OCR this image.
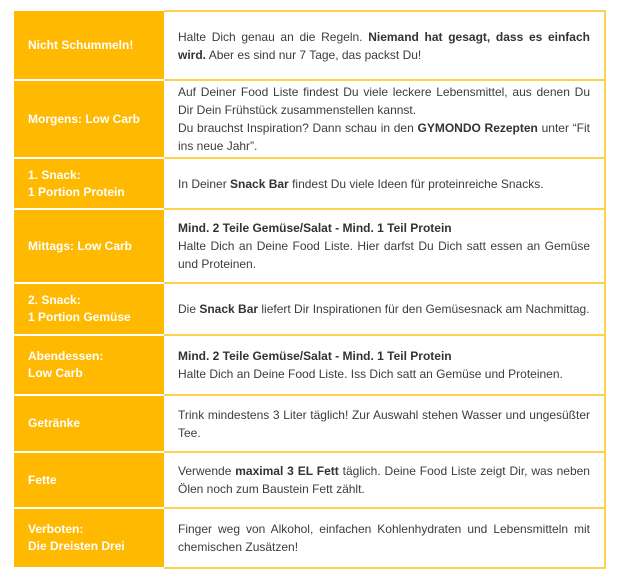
Nicht Schummeln!	Halte Dich genau an die Regeln. Niemand hat gesagt, dass es einfach wird. Aber es sind nur 7 Tage, das packst Du!
Morgens: Low Carb	Auf Deiner Food Liste findest Du viele leckere Lebensmittel, aus denen Du Dir Dein Frühstück zusammenstellen kannst.
Du brauchst Inspiration? Dann schau in den GYMONDO Rezepten unter “Fit ins neue Jahr”.
1. Snack:
1 Portion Protein	In Deiner Snack Bar findest Du viele Ideen für proteinreiche Snacks.
Mittags: Low Carb	Mind. 2 Teile Gemüse/Salat - Mind. 1 Teil Protein
Halte Dich an Deine Food Liste. Hier darfst Du Dich satt essen an Gemüse und Proteinen.
2. Snack:
1 Portion Gemüse	Die Snack Bar liefert Dir Inspirationen für den Gemüsesnack am Nachmittag.
Abendessen:
Low Carb	Mind. 2 Teile Gemüse/Salat - Mind. 1 Teil Protein
Halte Dich an Deine Food Liste. Iss Dich satt an Gemüse und Proteinen.
Getränke	Trink mindestens 3 Liter täglich! Zur Auswahl stehen Wasser und ungesüßter Tee.
Fette	Verwende maximal 3 EL Fett täglich. Deine Food Liste zeigt Dir, was neben Ölen noch zum Baustein Fett zählt.
Verboten:
Die Dreisten Drei	Finger weg von Alkohol, einfachen Kohlenhydraten und Lebensmitteln mit chemischen Zusätzen!
